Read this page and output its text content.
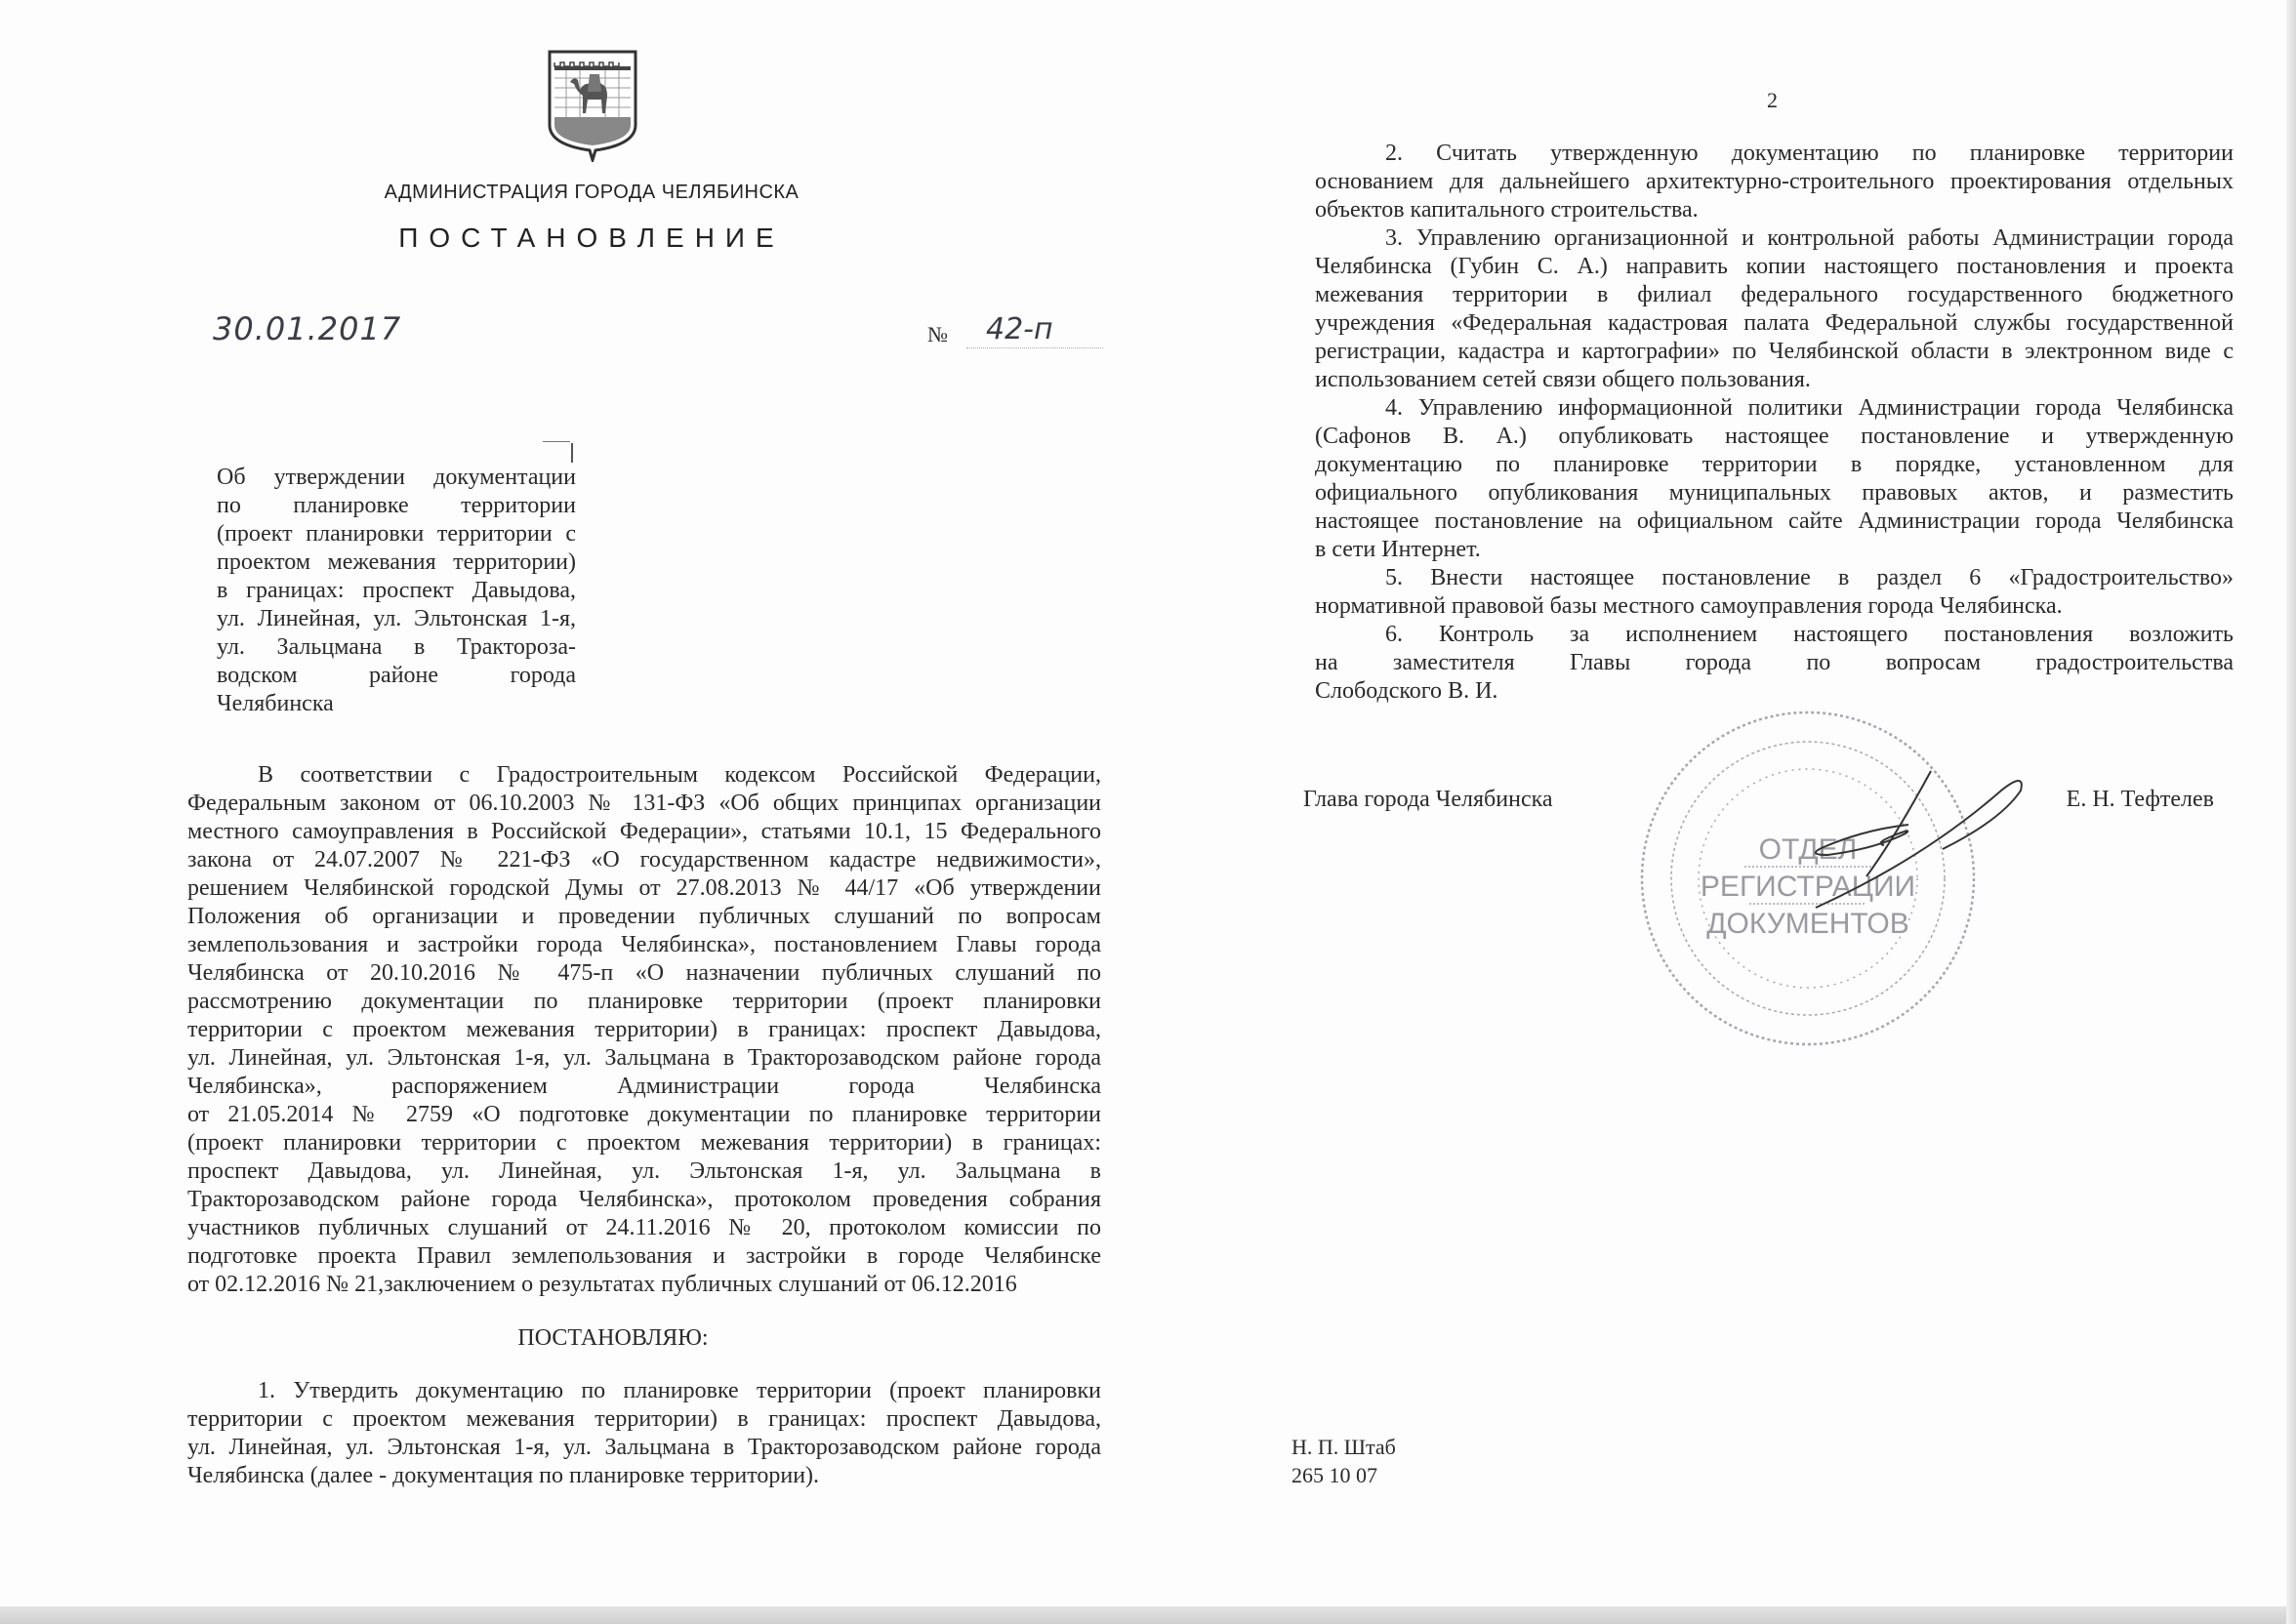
АДМИНИСТРАЦИЯ ГОРОДА ЧЕЛЯБИНСКА
ПОСТАНОВЛЕНИЕ
30.01.2017	№ 42-п
Об утверждении документации
по планировке территории
(проект планировки территории с
проектом межевания территории)
в границах: проспект Давыдова,
ул. Линейная, ул. Эльтонская 1-я,
ул. Зальцмана в Трактороза-
водском районе города
Челябинска
В соответствии с Градостроительным кодексом Российской Федерации,
Федеральным законом от 06.10.2003 № 131-ФЗ «Об общих принципах организации
местного самоуправления в Российской Федерации», статьями 10.1, 15 Федерального
закона от 24.07.2007 № 221-ФЗ «О государственном кадастре недвижимости»,
решением Челябинской городской Думы от 27.08.2013 № 44/17 «Об утверждении
Положения об организации и проведении публичных слушаний по вопросам
землепользования и застройки города Челябинска», постановлением Главы города
Челябинска от 20.10.2016 № 475-п «О назначении публичных слушаний по
рассмотрению документации по планировке территории (проект планировки
территории с проектом межевания территории) в границах: проспект Давыдова,
ул. Линейная, ул. Эльтонская 1-я, ул. Зальцмана в Тракторозаводском районе города
Челябинска», распоряжением Администрации города Челябинска
от 21.05.2014 № 2759 «О подготовке документации по планировке территории
(проект планировки территории с проектом межевания территории) в границах:
проспект Давыдова, ул. Линейная, ул. Эльтонская 1-я, ул. Зальцмана в
Тракторозаводском районе города Челябинска», протоколом проведения собрания
участников публичных слушаний от 24.11.2016 № 20, протоколом комиссии по
подготовке проекта Правил землепользования и застройки в городе Челябинске
от 02.12.2016 № 21,заключением о результатах публичных слушаний от 06.12.2016
ПОСТАНОВЛЯЮ:
1. Утвердить документацию по планировке территории (проект планировки
территории с проектом межевания территории) в границах: проспект Давыдова,
ул. Линейная, ул. Эльтонская 1-я, ул. Зальцмана в Тракторозаводском районе города
Челябинска (далее - документация по планировке территории).
2
2. Считать утвержденную документацию по планировке территории
основанием для дальнейшего архитектурно-строительного проектирования отдельных
объектов капитального строительства.
3. Управлению организационной и контрольной работы Администрации города
Челябинска (Губин С. А.) направить копии настоящего постановления и проекта
межевания территории в филиал федерального государственного бюджетного
учреждения «Федеральная кадастровая палата Федеральной службы государственной
регистрации, кадастра и картографии» по Челябинской области в электронном виде с
использованием сетей связи общего пользования.
4. Управлению информационной политики Администрации города Челябинска
(Сафонов В. А.) опубликовать настоящее постановление и утвержденную
документацию по планировке территории в порядке, установленном для
официального опубликования муниципальных правовых актов, и разместить
настоящее постановление на официальном сайте Администрации города Челябинска
в сети Интернет.
5. Внести настоящее постановление в раздел 6 «Градостроительство»
нормативной правовой базы местного самоуправления города Челябинска.
6. Контроль за исполнением настоящего постановления возложить
на заместителя Главы города по вопросам градостроительства
Слободского В. И.
ОТДЕЛ
РЕГИСТРАЦИИ
ДОКУМЕНТОВ
Глава города Челябинска	Е. Н. Тефтелев
Н. П. Штаб
265 10 07
